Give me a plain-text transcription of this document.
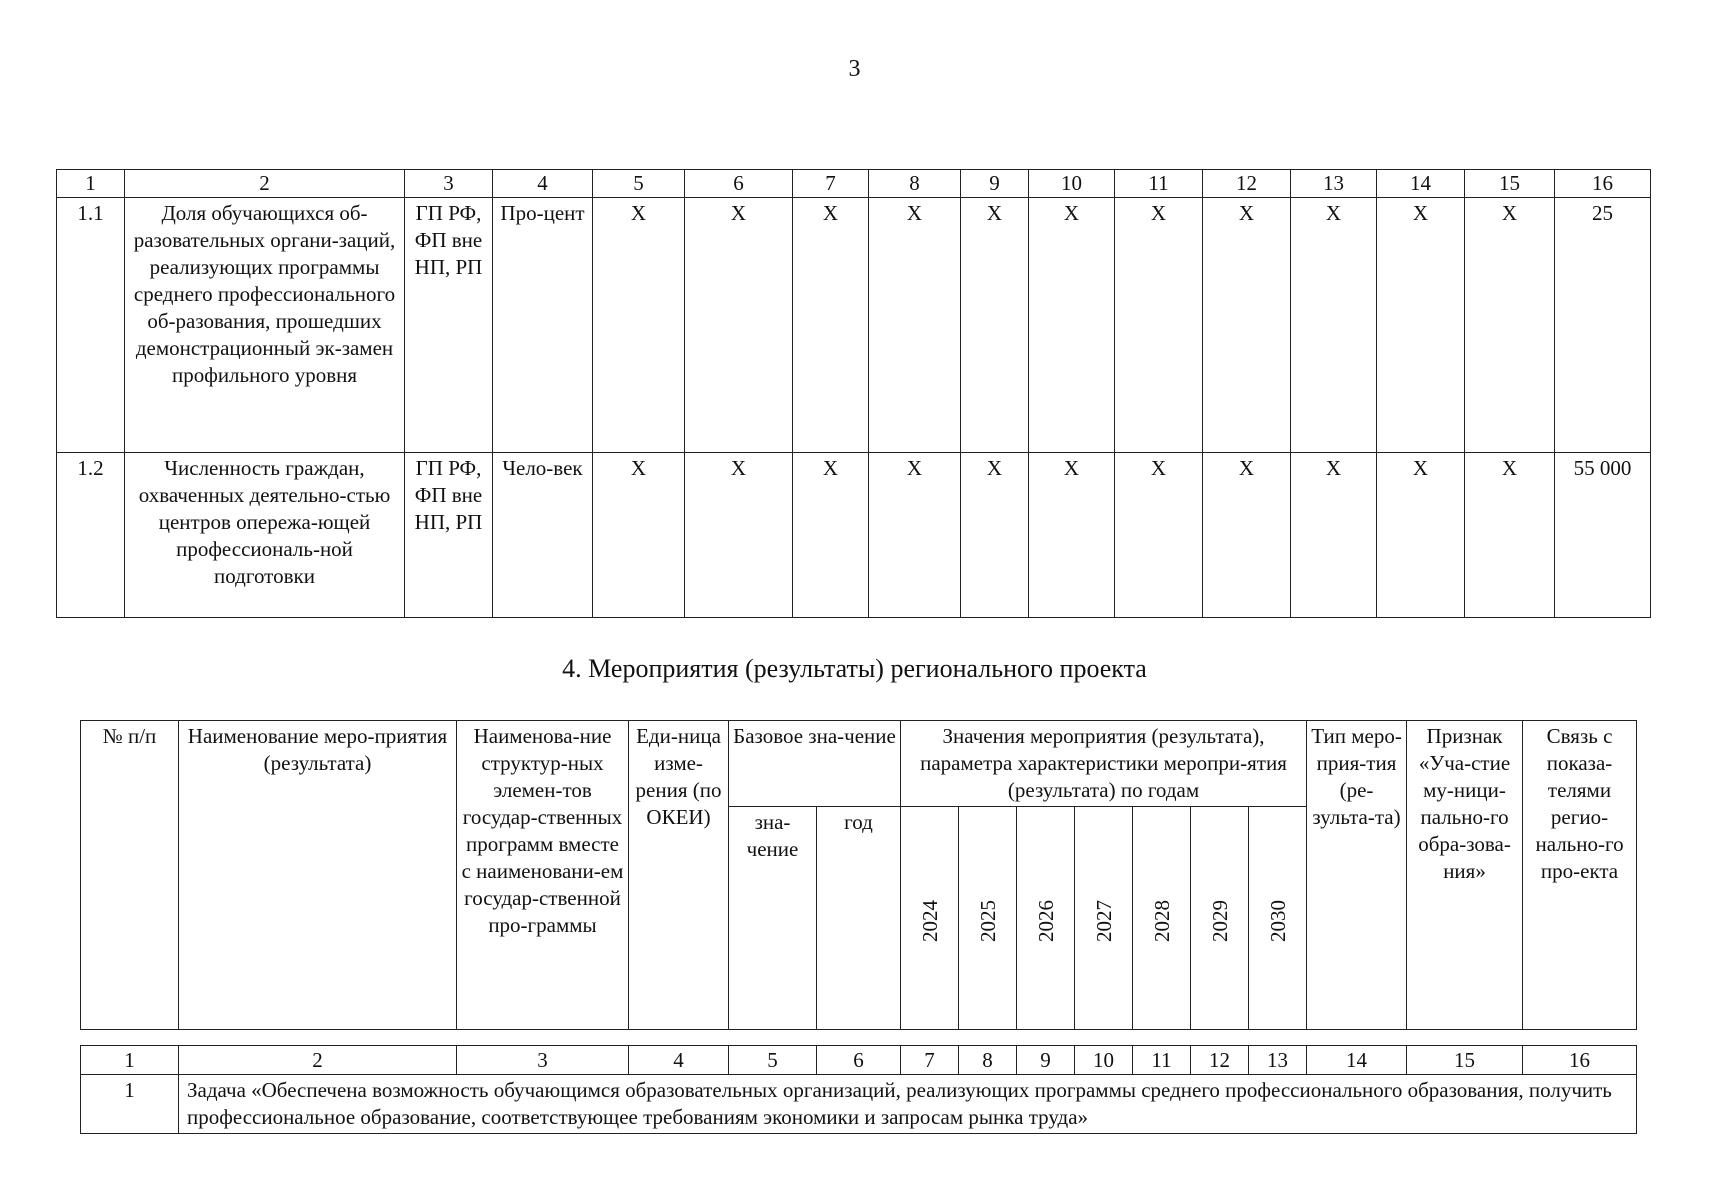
3
1	2	3	4	5	6	7	8	9	10	11	12	13	14	15	16
1.1	Доля обучающихся об-разовательных органи-заций, реализующих программы среднего профессионального об-разования, прошедших демонстрационный эк-замен профильного уровня	ГП РФ, ФП вне НП, РП	Про-цент	X	X	X	X	X	X	X	X	X	X	X	25
1.2	Численность граждан, охваченных деятельно-стью центров опережа-ющей профессиональ-ной подготовки	ГП РФ, ФП вне НП, РП	Чело-век	X	X	X	X	X	X	X	X	X	X	X	55 000
4. Мероприятия (результаты) регионального проекта
№ п/п	Наименование меро-приятия (результата)	Наименова-ние структур-ных элемен-тов государ-ственных программ вместе с наименовани-ем государ-ственной про-граммы	Еди-ница изме-рения (по ОКЕИ)	Базовое зна-чение		Значения мероприятия (результата), параметра характеристики меропри-ятия (результата) по годам							Тип меро-прия-тия (ре-зульта-та)	Признак «Уча-стие му-ници-пально-го обра-зова-ния»	Связь с показа-телями регио-нально-го про-екта
				зна-чение	год	2024	2025	2026	2027	2028	2029	2030			

1	2	3	4	5	6	7	8	9	10	11	12	13	14	15	16
1	Задача «Обеспечена возможность обучающимся образовательных организаций, реализующих программы среднего профессионального образования, получить профессиональное образование, соответствующее требованиям экономики и запросам рынка труда»														
